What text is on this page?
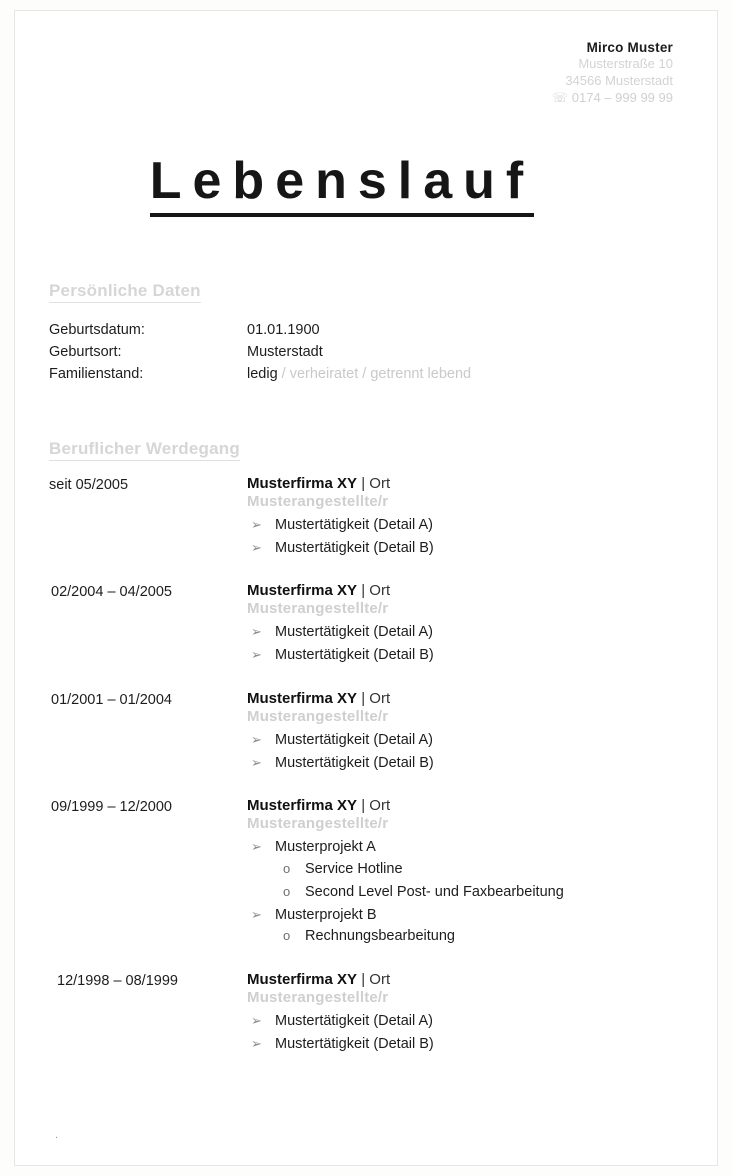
Mirco Muster
Musterstraße 10
34566 Musterstadt
☏ 0174 – 999 99 99
Lebenslauf
Persönliche Daten
Geburtsdatum:	01.01.1900
Geburtsort:	Musterstadt
Familienstand:	ledig / verheiratet / getrennt lebend
Beruflicher Werdegang
seit 05/2005	Musterfirma XY | Ort
Musterangestellte/r
➢ Mustertätigkeit (Detail A)
➢ Mustertätigkeit (Detail B)
02/2004 – 04/2005	Musterfirma XY | Ort
Musterangestellte/r
➢ Mustertätigkeit (Detail A)
➢ Mustertätigkeit (Detail B)
01/2001 – 01/2004	Musterfirma XY | Ort
Musterangestellte/r
➢ Mustertätigkeit (Detail A)
➢ Mustertätigkeit (Detail B)
09/1999 – 12/2000	Musterfirma XY | Ort
Musterangestellte/r
➢ Musterprojekt A
o Service Hotline
o Second Level Post- und Faxbearbeitung
➢ Musterprojekt B
o Rechnungsbearbeitung
12/1998 – 08/1999	Musterfirma XY | Ort
Musterangestellte/r
➢ Mustertätigkeit (Detail A)
➢ Mustertätigkeit (Detail B)
.
